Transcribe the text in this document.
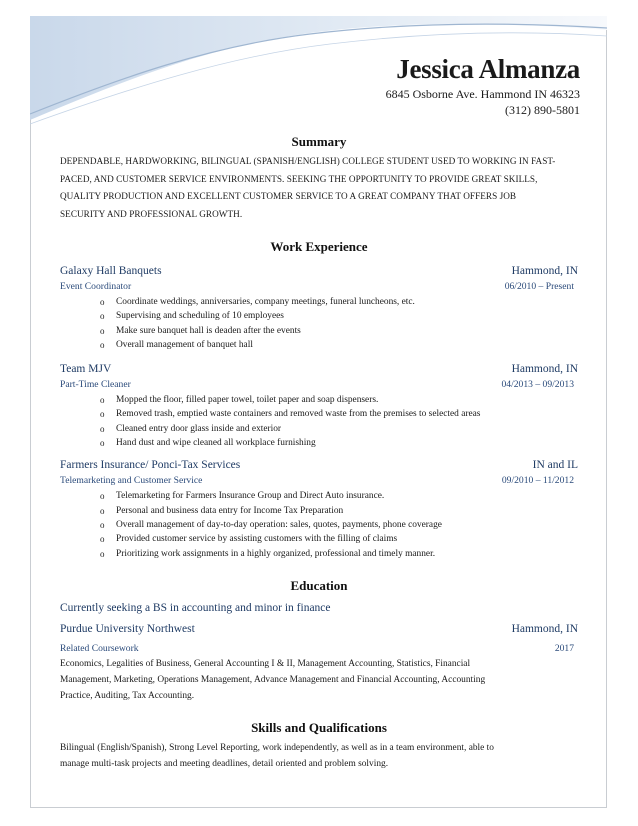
Jessica Almanza
6845 Osborne Ave. Hammond IN 46323
(312) 890-5801
Summary
DEPENDABLE, HARDWORKING, BILINGUAL (SPANISH/ENGLISH) COLLEGE STUDENT USED TO WORKING IN FAST-
PACED, AND CUSTOMER SERVICE ENVIRONMENTS. SEEKING THE OPPORTUNITY TO PROVIDE GREAT SKILLS,
QUALITY PRODUCTION AND EXCELLENT CUSTOMER SERVICE TO A GREAT COMPANY THAT OFFERS JOB
SECURITY AND PROFESSIONAL GROWTH.
Work Experience
Galaxy Hall Banquets	Hammond, IN
Event Coordinator	06/2010 – Present
o Coordinate weddings, anniversaries, company meetings, funeral luncheons, etc.
o Supervising and scheduling of 10 employees
o Make sure banquet hall is deaden after the events
o Overall management of banquet hall
Team MJV	Hammond, IN
Part-Time Cleaner	04/2013 – 09/2013
o Mopped the floor, filled paper towel, toilet paper and soap dispensers.
o Removed trash, emptied waste containers and removed waste from the premises to selected areas
o Cleaned entry door glass inside and exterior
o Hand dust and wipe cleaned all workplace furnishing
Farmers Insurance/ Ponci-Tax Services	IN and IL
Telemarketing and Customer Service	09/2010 – 11/2012
o Telemarketing for Farmers Insurance Group and Direct Auto insurance.
o Personal and business data entry for Income Tax Preparation
o Overall management of day-to-day operation: sales, quotes, payments, phone coverage
o Provided customer service by assisting customers with the filling of claims
o Prioritizing work assignments in a highly organized, professional and timely manner.
Education
Currently seeking a BS in accounting and minor in finance
Purdue University Northwest	Hammond, IN
Related Coursework	2017
Economics, Legalities of Business, General Accounting I & II, Management Accounting, Statistics, Financial
Management, Marketing, Operations Management, Advance Management and Financial Accounting, Accounting
Practice, Auditing, Tax Accounting.
Skills and Qualifications
Bilingual (English/Spanish), Strong Level Reporting, work independently, as well as in a team environment, able to
manage multi-task projects and meeting deadlines, detail oriented and problem solving.
